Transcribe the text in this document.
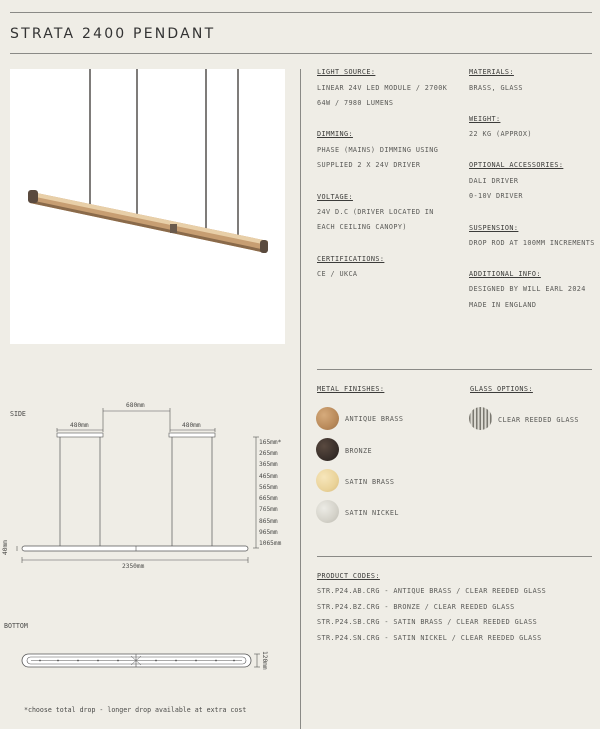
STRATA 2400 PENDANT
LIGHT SOURCE:
LINEAR 24V LED MODULE / 2700K
64W / 7980 LUMENS
DIMMING:
PHASE (MAINS) DIMMING USING
SUPPLIED 2 X 24V DRIVER
VOLTAGE:
24V D.C (DRIVER LOCATED IN
EACH CEILING CANOPY)
CERTIFICATIONS:
CE / UKCA
MATERIALS:
BRASS, GLASS
WEIGHT:
22 KG (APPROX)
OPTIONAL ACCESSORIES:
DALI DRIVER
0-10V DRIVER
SUSPENSION:
DROP ROD AT 100MM INCREMENTS
ADDITIONAL INFO:
DESIGNED BY WILL EARL 2024
MADE IN ENGLAND
METAL FINISHES:	GLASS OPTIONS:
ANTIQUE BRASS
BRONZE
SATIN BRASS
SATIN NICKEL
CLEAR REEDED GLASS
PRODUCT CODES:
STR.P24.AB.CRG - ANTIQUE BRASS / CLEAR REEDED GLASS
STR.P24.BZ.CRG - BRONZE / CLEAR REEDED GLASS
STR.P24.SB.CRG - SATIN BRASS / CLEAR REEDED GLASS
STR.P24.SN.CRG - SATIN NICKEL / CLEAR REEDED GLASS
SIDE
680mm
480mm	480mm
2350mm
40mm
165mm*
265mm
365mm
465mm
565mm
665mm
765mm
865mm
965mm
1065mm
BOTTOM
120mm
*choose total drop - longer drop available at extra cost
